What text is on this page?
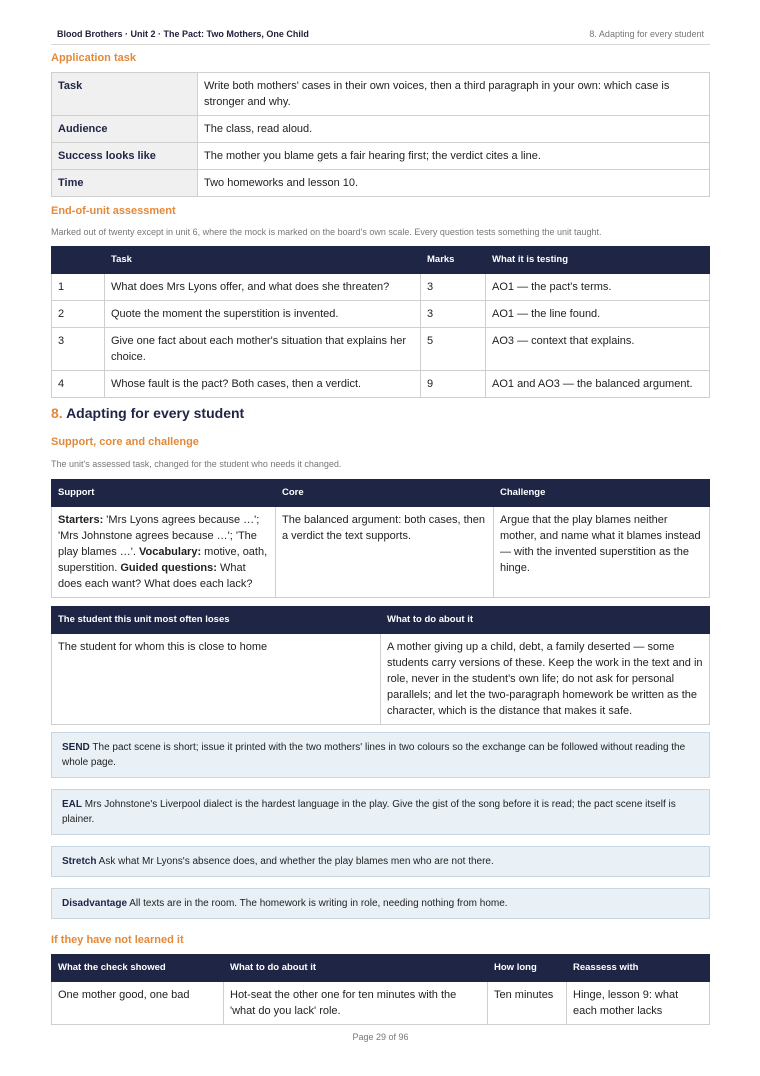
Blood Brothers · Unit 2 · The Pact: Two Mothers, One Child	8. Adapting for every student
Application task
Task	Write both mothers' cases in their own voices, then a third paragraph in your own: which case is stronger and why.
Audience	The class, read aloud.
Success looks like	The mother you blame gets a fair hearing first; the verdict cites a line.
Time	Two homeworks and lesson 10.
End-of-unit assessment
Marked out of twenty except in unit 6, where the mock is marked on the board's own scale. Every question tests something the unit taught.
	Task	Marks	What it is testing
1	What does Mrs Lyons offer, and what does she threaten?	3	AO1 — the pact's terms.
2	Quote the moment the superstition is invented.	3	AO1 — the line found.
3	Give one fact about each mother's situation that explains her choice.	5	AO3 — context that explains.
4	Whose fault is the pact? Both cases, then a verdict.	9	AO1 and AO3 — the balanced argument.
8. Adapting for every student
Support, core and challenge
The unit's assessed task, changed for the student who needs it changed.
Support	Core	Challenge
Starters: 'Mrs Lyons agrees because …'; 'Mrs Johnstone agrees because …'; 'The play blames …'. Vocabulary: motive, oath, superstition. Guided questions: What does each want? What does each lack?	The balanced argument: both cases, then a verdict the text supports.	Argue that the play blames neither mother, and name what it blames instead — with the invented superstition as the hinge.
The student this unit most often loses	What to do about it
The student for whom this is close to home	A mother giving up a child, debt, a family deserted — some students carry versions of these. Keep the work in the text and in role, never in the student's own life; do not ask for personal parallels; and let the two-paragraph homework be written as the character, which is the distance that makes it safe.
SEND The pact scene is short; issue it printed with the two mothers' lines in two colours so the exchange can be followed without reading the whole page.
EAL Mrs Johnstone's Liverpool dialect is the hardest language in the play. Give the gist of the song before it is read; the pact scene itself is plainer.
Stretch Ask what Mr Lyons's absence does, and whether the play blames men who are not there.
Disadvantage All texts are in the room. The homework is writing in role, needing nothing from home.
If they have not learned it
What the check showed	What to do about it	How long	Reassess with
One mother good, one bad	Hot-seat the other one for ten minutes with the 'what do you lack' role.	Ten minutes	Hinge, lesson 9: what each mother lacks
Page 29 of 96
